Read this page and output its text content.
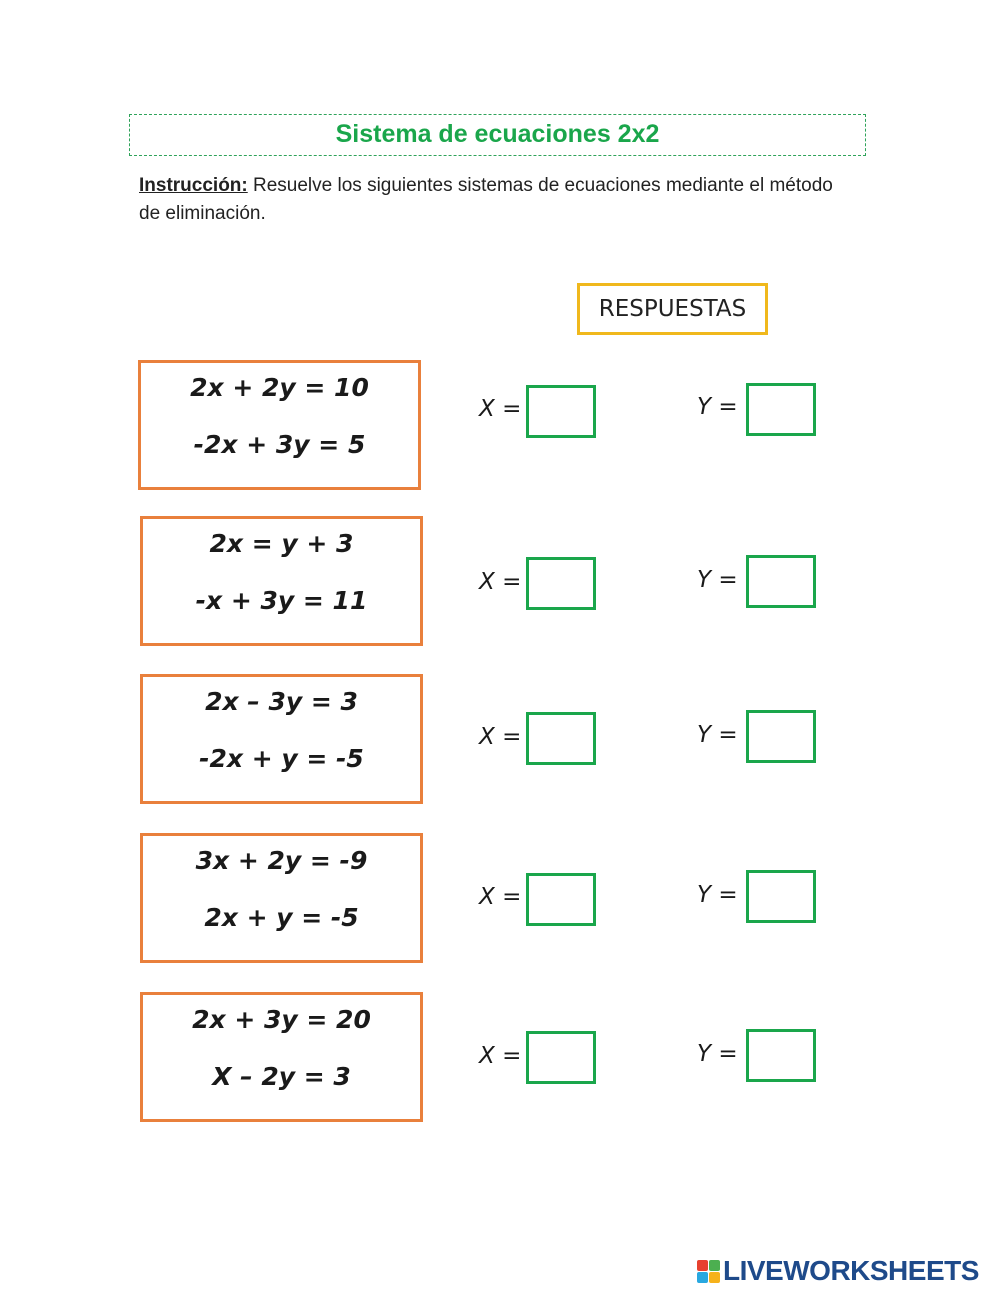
Sistema de ecuaciones 2x2
Instrucción: Resuelve los siguientes sistemas de ecuaciones mediante el método de eliminación.
RESPUESTAS
2x + 2y = 10
-2x + 3y = 5
X =	Y =
2x = y + 3
-x + 3y = 11
X =	Y =
2x – 3y = 3
-2x + y = -5
X =	Y =
3x + 2y = -9
2x + y = -5
X =	Y =
2x + 3y = 20
X – 2y = 3
X =	Y =
LIVEWORKSHEETS
